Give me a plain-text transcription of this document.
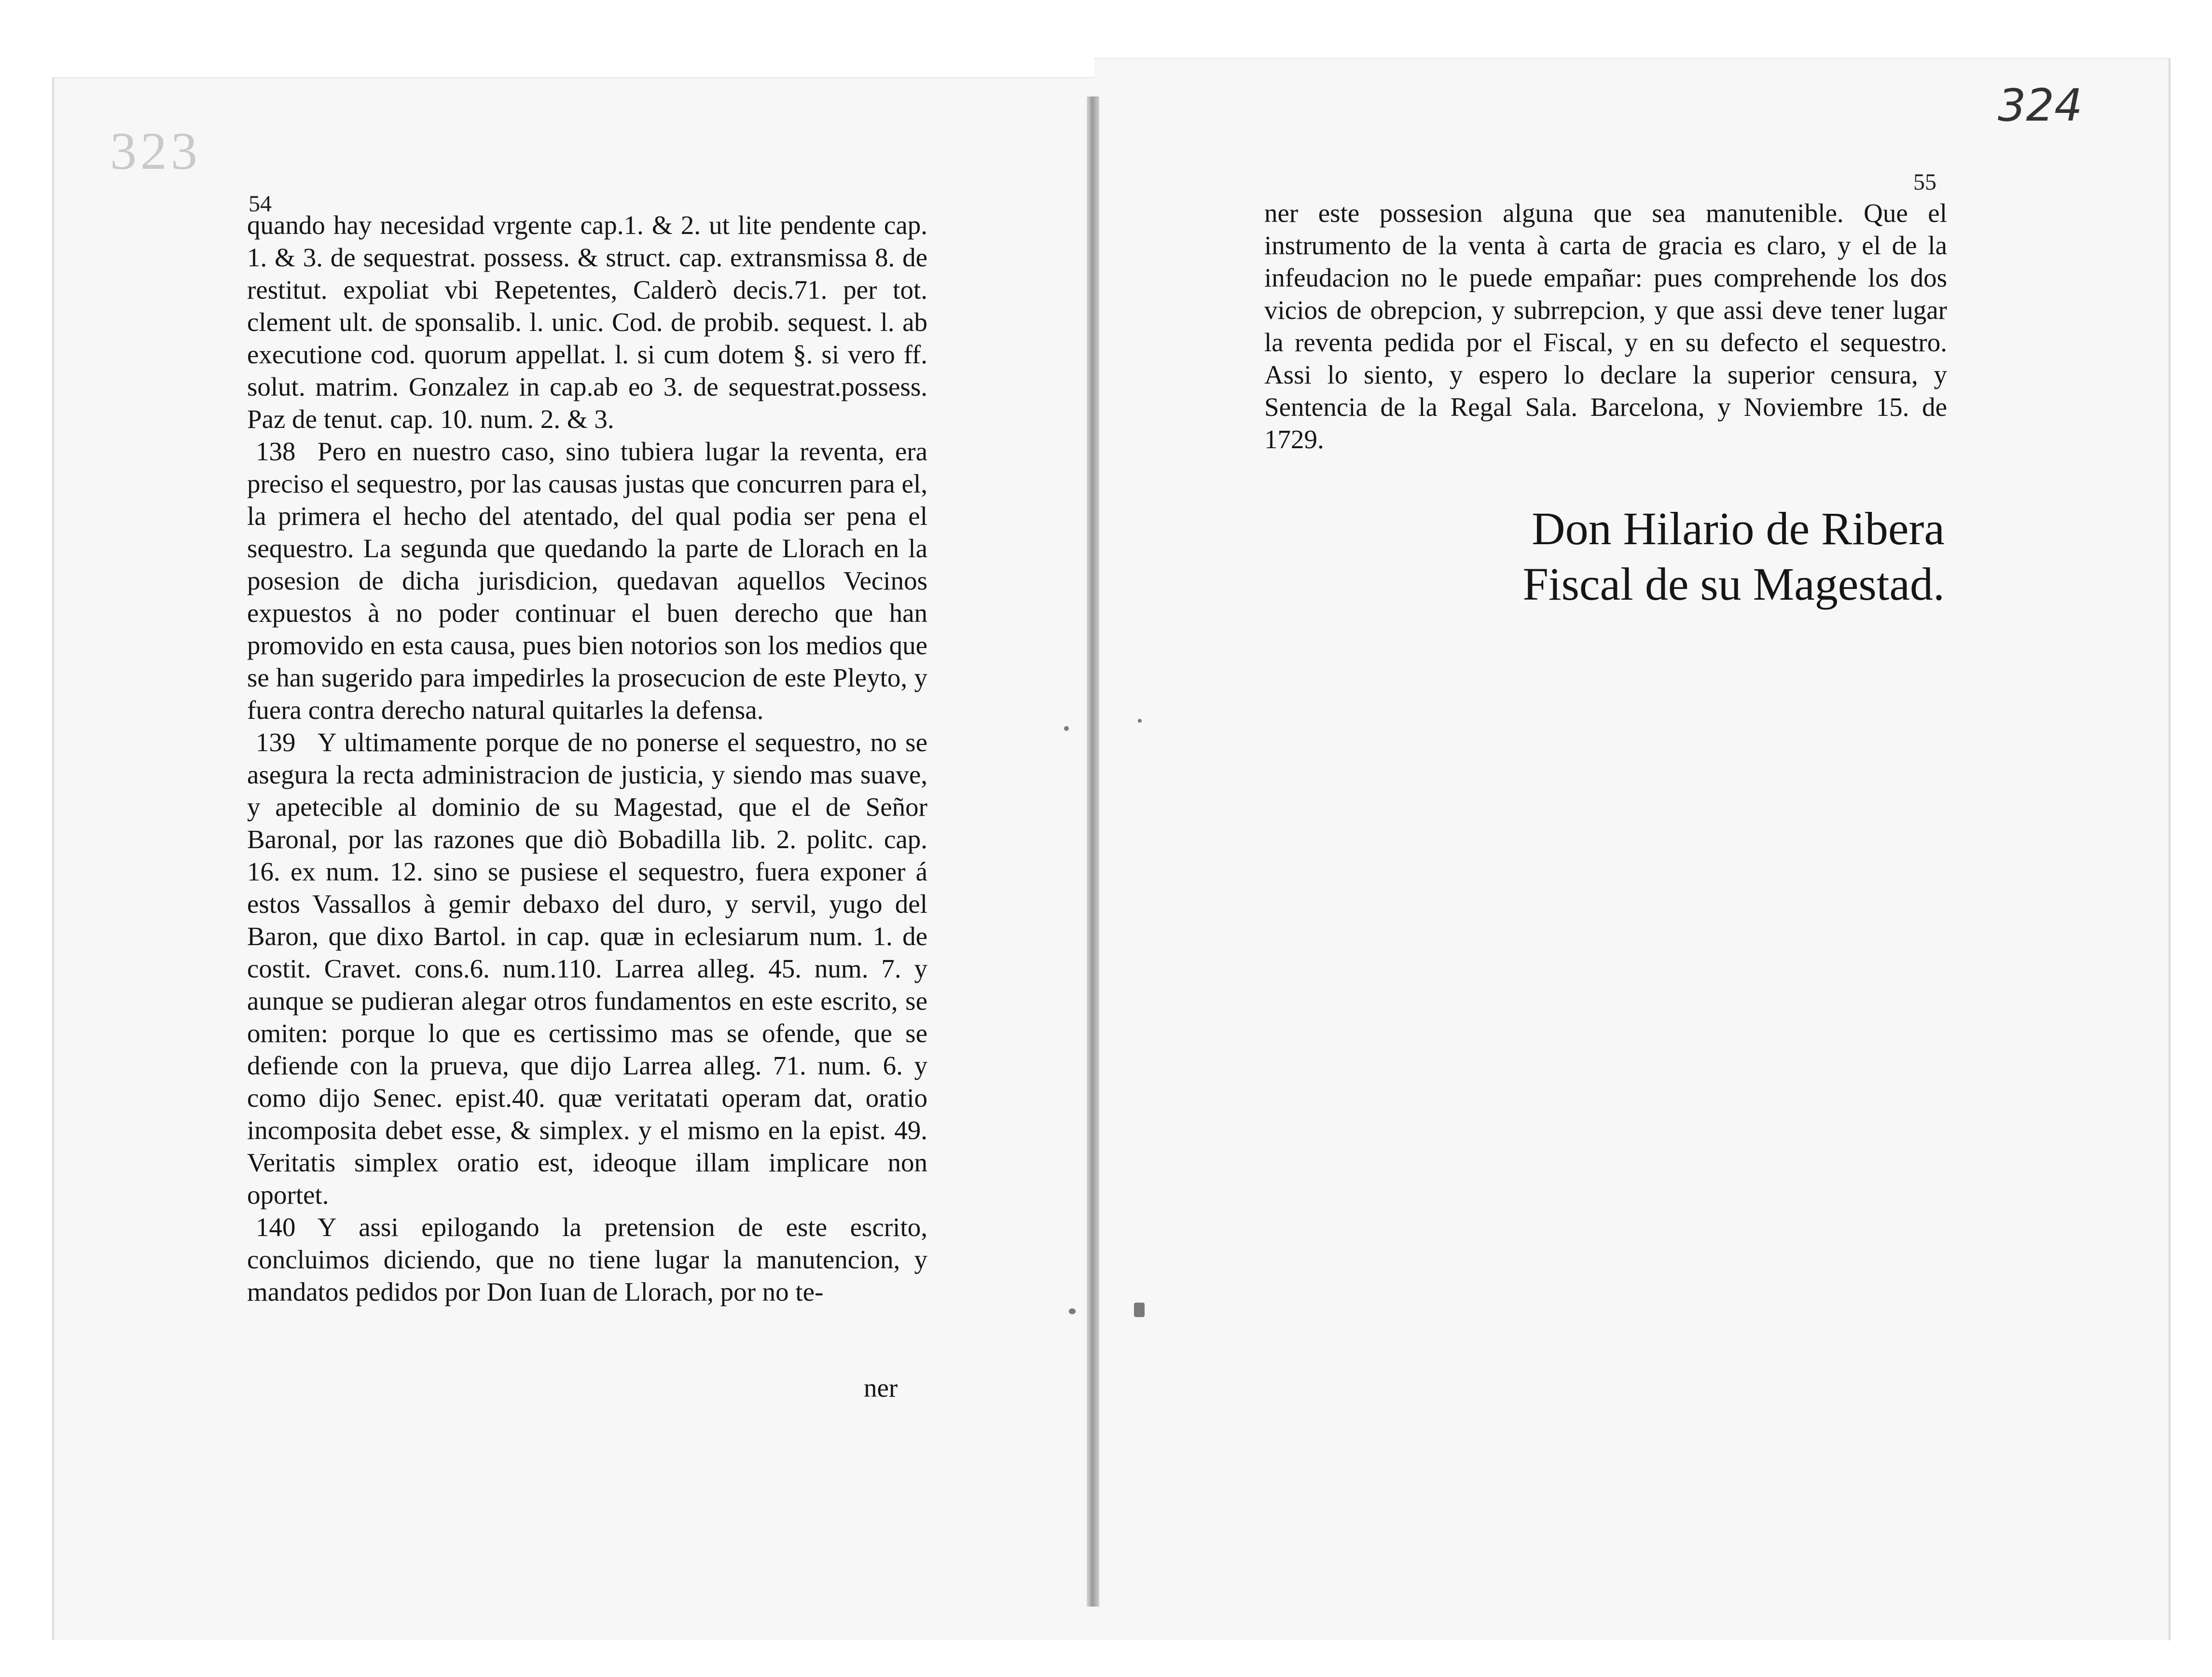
323
324
54
55

quando hay necesidad vrgente cap.1. & 2. ut lite pendente cap. 1. & 3. de sequestrat. possess. & struct. cap. extransmissa 8. de restitut. expoliat vbi Repetentes, Calderò decis.71. per tot. clement ult. de sponsalib. l. unic. Cod. de probib. sequest. l. ab executione cod. quorum appellat. l. si cum dotem §. si vero ff. solut. matrim. Gonzalez in cap.ab eo 3. de sequestrat.possess. Paz de tenut. cap. 10. num. 2. & 3.

138 Pero en nuestro caso, sino tubiera lugar la reventa, era preciso el sequestro, por las causas justas que concurren para el, la primera el hecho del atentado, del qual podia ser pena el sequestro. La segunda que quedando la parte de Llorach en la posesion de dicha jurisdicion, quedavan aquellos Vecinos expuestos à no poder continuar el buen derecho que han promovido en esta causa, pues bien notorios son los medios que se han sugerido para impedirles la prosecucion de este Pleyto, y fuera contra derecho natural quitarles la defensa.

139 Y ultimamente porque de no ponerse el sequestro, no se asegura la recta administracion de justicia, y siendo mas suave, y apetecible al dominio de su Magestad, que el de Señor Baronal, por las razones que diò Bobadilla lib. 2. politc. cap. 16. ex num. 12. sino se pusiese el sequestro, fuera exponer á estos Vassallos à gemir debaxo del duro, y servil, yugo del Baron, que dixo Bartol. in cap. quæ in eclesiarum num. 1. de costit. Cravet. cons.6. num.110. Larrea alleg. 45. num. 7. y aunque se pudieran alegar otros fundamentos en este escrito, se omiten: porque lo que es certissimo mas se ofende, que se defiende con la prueva, que dijo Larrea alleg. 71. num. 6. y como dijo Senec. epist.40. quæ veritatati operam dat, oratio incomposita debet esse, & simplex. y el mismo en la epist. 49. Veritatis simplex oratio est, ideoque illam implicare non oportet.

140 Y assi epilogando la pretension de este escrito, concluimos diciendo, que no tiene lugar la manutencion, y mandatos pedidos por Don Iuan de Llorach, por no te-

ner

ner este possesion alguna que sea manutenible. Que el instrumento de la venta à carta de gracia es claro, y el de la infeudacion no le puede empañar: pues comprehende los dos vicios de obrepcion, y subrrepcion, y que assi deve tener lugar la reventa pedida por el Fiscal, y en su defecto el sequestro. Assi lo siento, y espero lo declare la superior censura, y Sentencia de la Regal Sala. Barcelona, y Noviembre 15. de 1729.

Don Hilario de Ribera
Fiscal de su Magestad.
